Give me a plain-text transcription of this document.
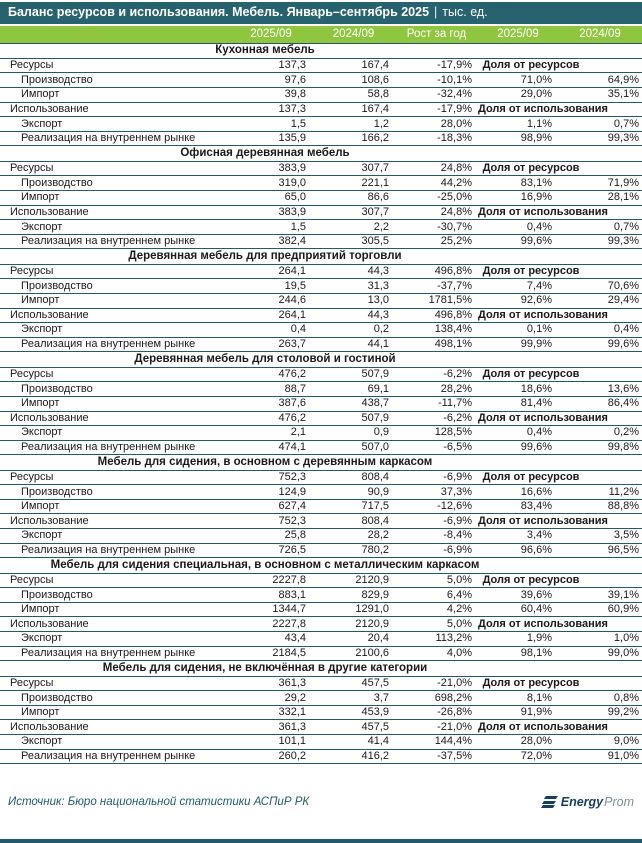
Баланс ресурсов и использования. Мебель. Январь–сентябрь 2025 | тыс. ед.
	2025/09	2024/09	Рост за год	2025/09	2024/09
Кухонная мебель					
Ресурсы	137,3	167,4	-17,9%	Доля от ресурсов	
Производство	97,6	108,6	-10,1%	71,0%	64,9%
Импорт	39,8	58,8	-32,4%	29,0%	35,1%
Использование	137,3	167,4	-17,9%	Доля от использования	
Экспорт	1,5	1,2	28,0%	1,1%	0,7%
Реализация на внутреннем рынке	135,9	166,2	-18,3%	98,9%	99,3%
Офисная деревянная мебель					
Ресурсы	383,9	307,7	24,8%	Доля от ресурсов	
Производство	319,0	221,1	44,2%	83,1%	71,9%
Импорт	65,0	86,6	-25,0%	16,9%	28,1%
Использование	383,9	307,7	24,8%	Доля от использования	
Экспорт	1,5	2,2	-30,7%	0,4%	0,7%
Реализация на внутреннем рынке	382,4	305,5	25,2%	99,6%	99,3%
Деревянная мебель для предприятий торговли					
Ресурсы	264,1	44,3	496,8%	Доля от ресурсов	
Производство	19,5	31,3	-37,7%	7,4%	70,6%
Импорт	244,6	13,0	1781,5%	92,6%	29,4%
Использование	264,1	44,3	496,8%	Доля от использования	
Экспорт	0,4	0,2	138,4%	0,1%	0,4%
Реализация на внутреннем рынке	263,7	44,1	498,1%	99,9%	99,6%
Деревянная мебель для столовой и гостиной					
Ресурсы	476,2	507,9	-6,2%	Доля от ресурсов	
Производство	88,7	69,1	28,2%	18,6%	13,6%
Импорт	387,6	438,7	-11,7%	81,4%	86,4%
Использование	476,2	507,9	-6,2%	Доля от использования	
Экспорт	2,1	0,9	128,5%	0,4%	0,2%
Реализация на внутреннем рынке	474,1	507,0	-6,5%	99,6%	99,8%
Мебель для сидения, в основном с деревянным каркасом					
Ресурсы	752,3	808,4	-6,9%	Доля от ресурсов	
Производство	124,9	90,9	37,3%	16,6%	11,2%
Импорт	627,4	717,5	-12,6%	83,4%	88,8%
Использование	752,3	808,4	-6,9%	Доля от использования	
Экспорт	25,8	28,2	-8,4%	3,4%	3,5%
Реализация на внутреннем рынке	726,5	780,2	-6,9%	96,6%	96,5%
Мебель для сидения специальная, в основном с металлическим каркасом					
Ресурсы	2227,8	2120,9	5,0%	Доля от ресурсов	
Производство	883,1	829,9	6,4%	39,6%	39,1%
Импорт	1344,7	1291,0	4,2%	60,4%	60,9%
Использование	2227,8	2120,9	5,0%	Доля от использования	
Экспорт	43,4	20,4	113,2%	1,9%	1,0%
Реализация на внутреннем рынке	2184,5	2100,6	4,0%	98,1%	99,0%
Мебель для сидения, не включённая в другие категории					
Ресурсы	361,3	457,5	-21,0%	Доля от ресурсов	
Производство	29,2	3,7	698,2%	8,1%	0,8%
Импорт	332,1	453,9	-26,8%	91,9%	99,2%
Использование	361,3	457,5	-21,0%	Доля от использования	
Экспорт	101,1	41,4	144,4%	28,0%	9,0%
Реализация на внутреннем рынке	260,2	416,2	-37,5%	72,0%	91,0%
Источник: Бюро национальной статистики АСПиР РК	Energy Prom
